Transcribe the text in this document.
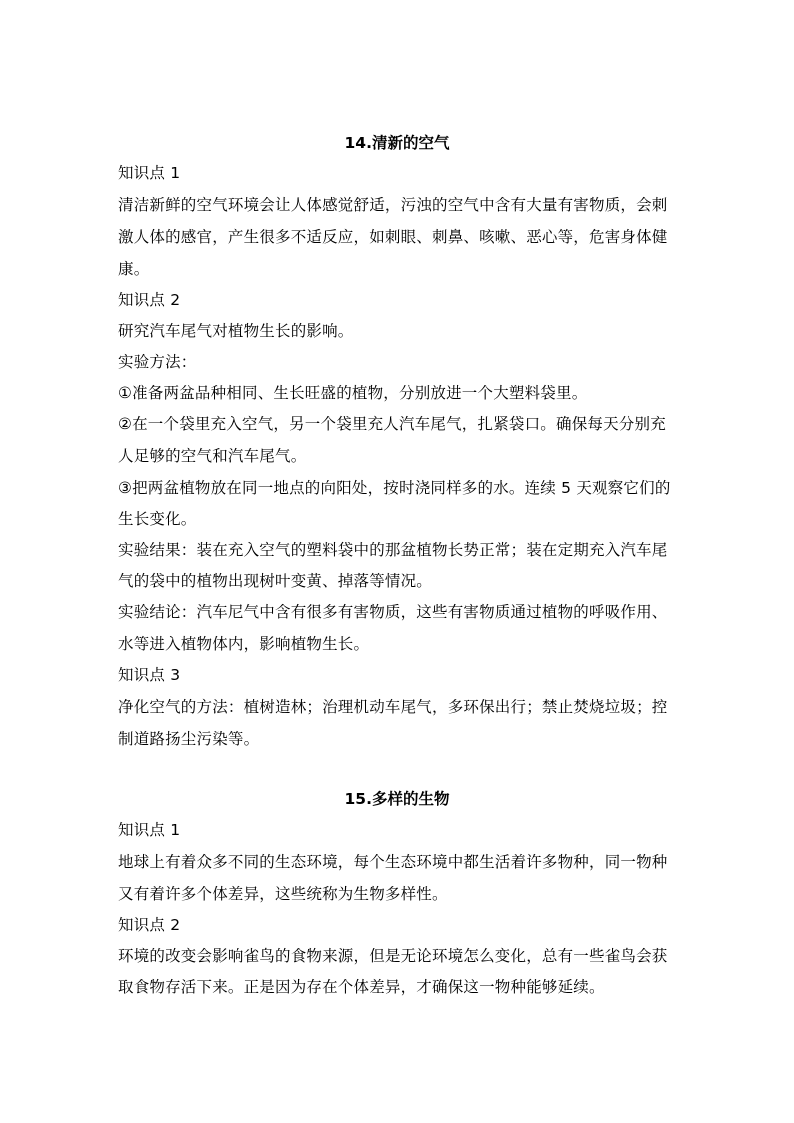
14.清新的空气
知识点 1
清洁新鲜的空气环境会让人体感觉舒适，污浊的空气中含有大量有害物质，会刺
激人体的感官，产生很多不适反应，如刺眼、刺鼻、咳嗽、恶心等，危害身体健
康。
知识点 2
研究汽车尾气对植物生长的影响。
实验方法：
①准备两盆品种相同、生长旺盛的植物，分别放进一个大塑料袋里。
②在一个袋里充入空气，另一个袋里充人汽车尾气，扎紧袋口。确保每天分别充
人足够的空气和汽车尾气。
③把两盆植物放在同一地点的向阳处，按时浇同样多的水。连续 5 天观察它们的
生长变化。
实验结果：装在充入空气的塑料袋中的那盆植物长势正常；装在定期充入汽车尾
气的袋中的植物出现树叶变黄、掉落等情况。
实验结论：汽车尼气中含有很多有害物质，这些有害物质通过植物的呼吸作用、
水等进入植物体内，影响植物生长。
知识点 3
净化空气的方法：植树造林；治理机动车尾气，多环保出行；禁止焚烧垃圾；控
制道路扬尘污染等。
15.多样的生物
知识点 1
地球上有着众多不同的生态环境，每个生态环境中都生活着许多物种，同一物种
又有着许多个体差异，这些统称为生物多样性。
知识点 2
环境的改变会影响雀鸟的食物来源，但是无论环境怎么变化，总有一些雀鸟会获
取食物存活下来。正是因为存在个体差异，才确保这一物种能够延续。
